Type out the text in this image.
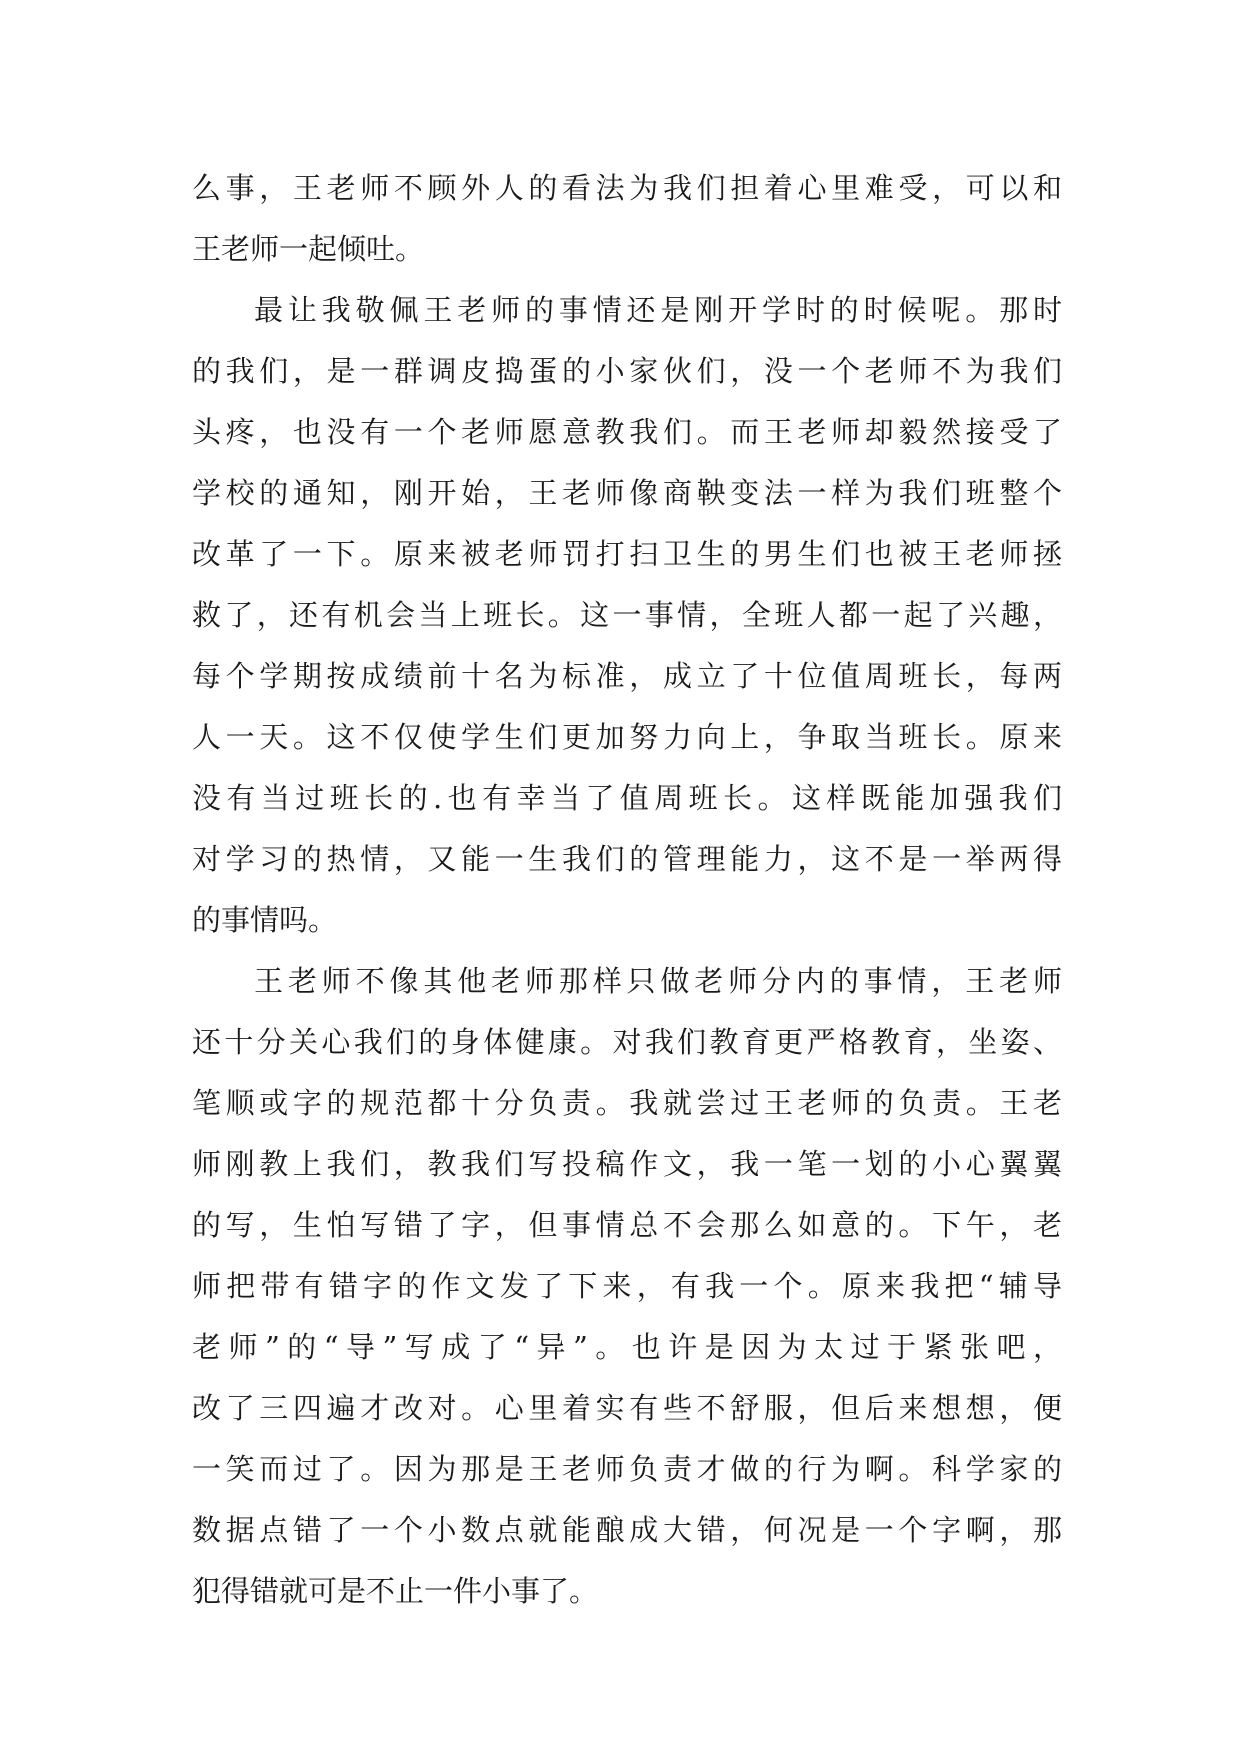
么事，王老师不顾外人的看法为我们担着心里难受，可以和
王老师一起倾吐。
最让我敬佩王老师的事情还是刚开学时的时候呢。那时
的我们，是一群调皮捣蛋的小家伙们，没一个老师不为我们
头疼，也没有一个老师愿意教我们。而王老师却毅然接受了
学校的通知，刚开始，王老师像商鞅变法一样为我们班整个
改革了一下。原来被老师罚打扫卫生的男生们也被王老师拯
救了，还有机会当上班长。这一事情，全班人都一起了兴趣，
每个学期按成绩前十名为标准，成立了十位值周班长，每两
人一天。这不仅使学生们更加努力向上，争取当班长。原来
没有当过班长的.也有幸当了值周班长。这样既能加强我们
对学习的热情，又能一生我们的管理能力，这不是一举两得
的事情吗。
王老师不像其他老师那样只做老师分内的事情，王老师
还十分关心我们的身体健康。对我们教育更严格教育，坐姿、
笔顺或字的规范都十分负责。我就尝过王老师的负责。王老
师刚教上我们，教我们写投稿作文，我一笔一划的小心翼翼
的写，生怕写错了字，但事情总不会那么如意的。下午，老
师把带有错字的作文发了下来，有我一个。原来我把“辅导
老师”的“导”写成了“异”。也许是因为太过于紧张吧，
改了三四遍才改对。心里着实有些不舒服，但后来想想，便
一笑而过了。因为那是王老师负责才做的行为啊。科学家的
数据点错了一个小数点就能酿成大错，何况是一个字啊，那
犯得错就可是不止一件小事了。
